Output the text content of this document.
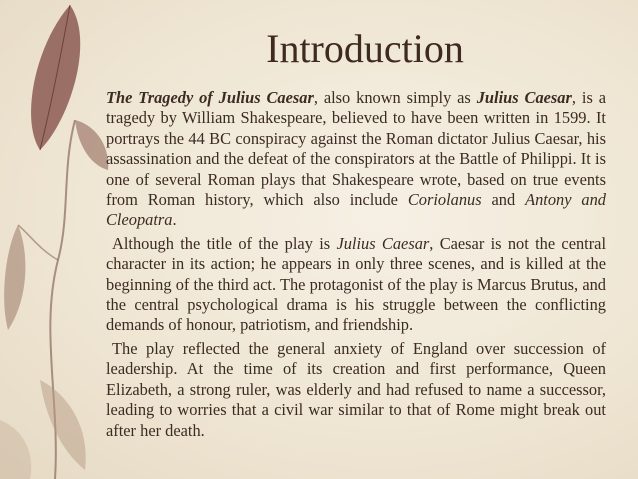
Introduction

The Tragedy of Julius Caesar, also known simply as Julius Caesar, is a tragedy by William Shakespeare, believed to have been written in 1599. It portrays the 44 BC conspiracy against the Roman dictator Julius Caesar, his assassination and the defeat of the conspirators at the Battle of Philippi. It is one of several Roman plays that Shakespeare wrote, based on true events from Roman history, which also include Coriolanus and Antony and Cleopatra.

Although the title of the play is Julius Caesar, Caesar is not the central character in its action; he appears in only three scenes, and is killed at the beginning of the third act. The protagonist of the play is Marcus Brutus, and the central psychological drama is his struggle between the conflicting demands of honour, patriotism, and friendship.

The play reflected the general anxiety of England over succession of leadership. At the time of its creation and first performance, Queen Elizabeth, a strong ruler, was elderly and had refused to name a successor, leading to worries that a civil war similar to that of Rome might break out after her death.
